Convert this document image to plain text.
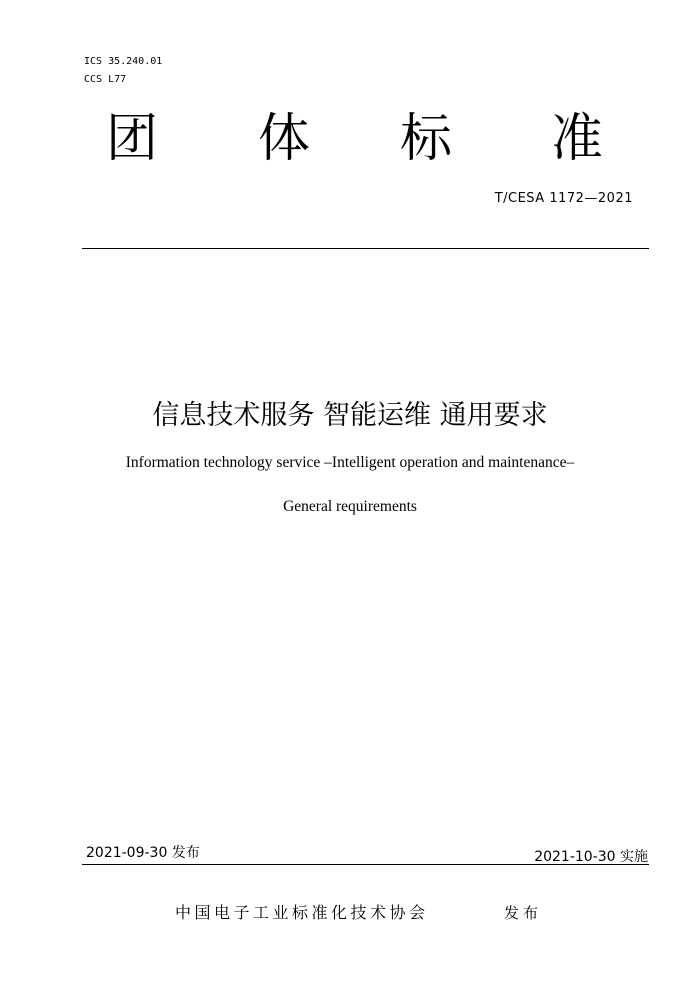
ICS 35.240.01
CCS L77
团 体 标 准
T/CESA 1172—2021
信息技术服务 智能运维 通用要求
Information technology service –Intelligent operation and maintenance–
General requirements
2021-09-30 发布	2021-10-30 实施
中国电子工业标准化技术协会	发布
